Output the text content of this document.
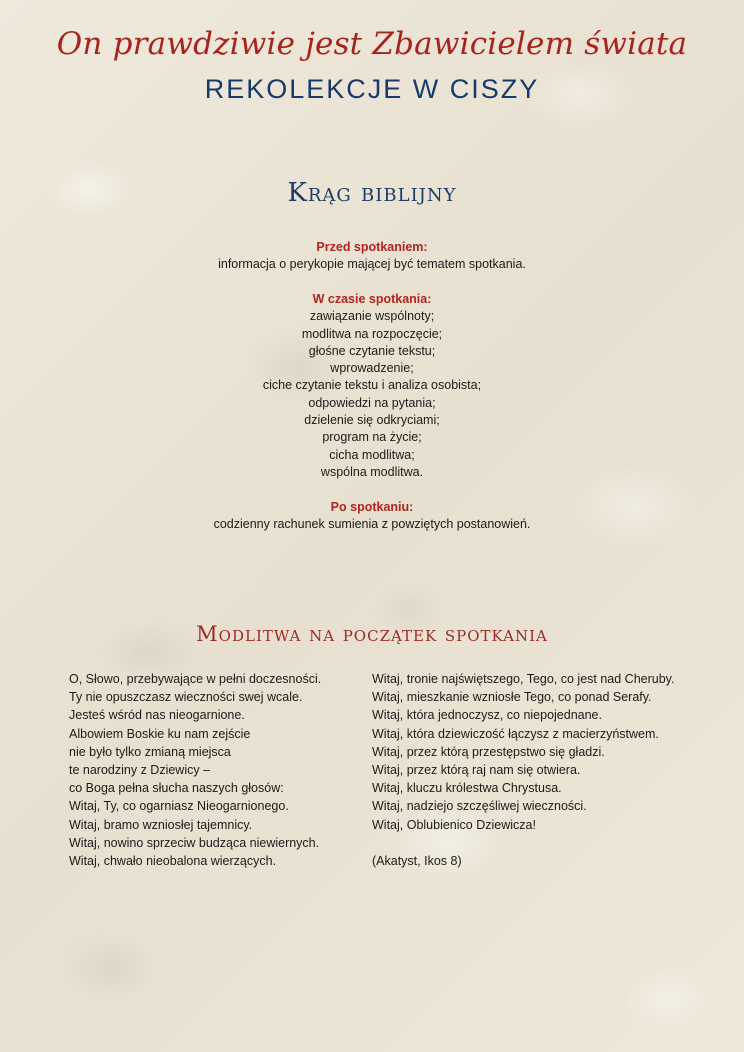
On prawdziwie jest Zbawicielem świata
REKOLEKCJE W CISZY
Krąg biblijny
Przed spotkaniem:
informacja o perykopie mającej być tematem spotkania.
W czasie spotkania:
zawiązanie wspólnoty;
modlitwa na rozpoczęcie;
głośne czytanie tekstu;
wprowadzenie;
ciche czytanie tekstu i analiza osobista;
odpowiedzi na pytania;
dzielenie się odkryciami;
program na życie;
cicha modlitwa;
wspólna modlitwa.
Po spotkaniu:
codzienny rachunek sumienia z powziętych postanowień.
Modlitwa na początek spotkania
O, Słowo, przebywające w pełni doczesności.
Ty nie opuszczasz wieczności swej wcale.
Jesteś wśród nas nieogarnione.
Albowiem Boskie ku nam zejście
nie było tylko zmianą miejsca
te narodziny z Dziewicy –
co Boga pełna słucha naszych głosów:
Witaj, Ty, co ogarniasz Nieogarnionego.
Witaj, bramo wzniosłej tajemnicy.
Witaj, nowino sprzeciw budząca niewiernych.
Witaj, chwało nieobalona wierzących.
Witaj, tronie najświętszego, Tego, co jest nad Cheruby.
Witaj, mieszkanie wzniosłe Tego, co ponad Serafy.
Witaj, która jednoczysz, co niepojednane.
Witaj, która dziewiczość łączysz z macierzyństwem.
Witaj, przez którą przestępstwo się gładzi.
Witaj, przez którą raj nam się otwiera.
Witaj, kluczu królestwa Chrystusa.
Witaj, nadziejo szczęśliwej wieczności.
Witaj, Oblubienico Dziewicza!
(Akatyst, Ikos 8)
